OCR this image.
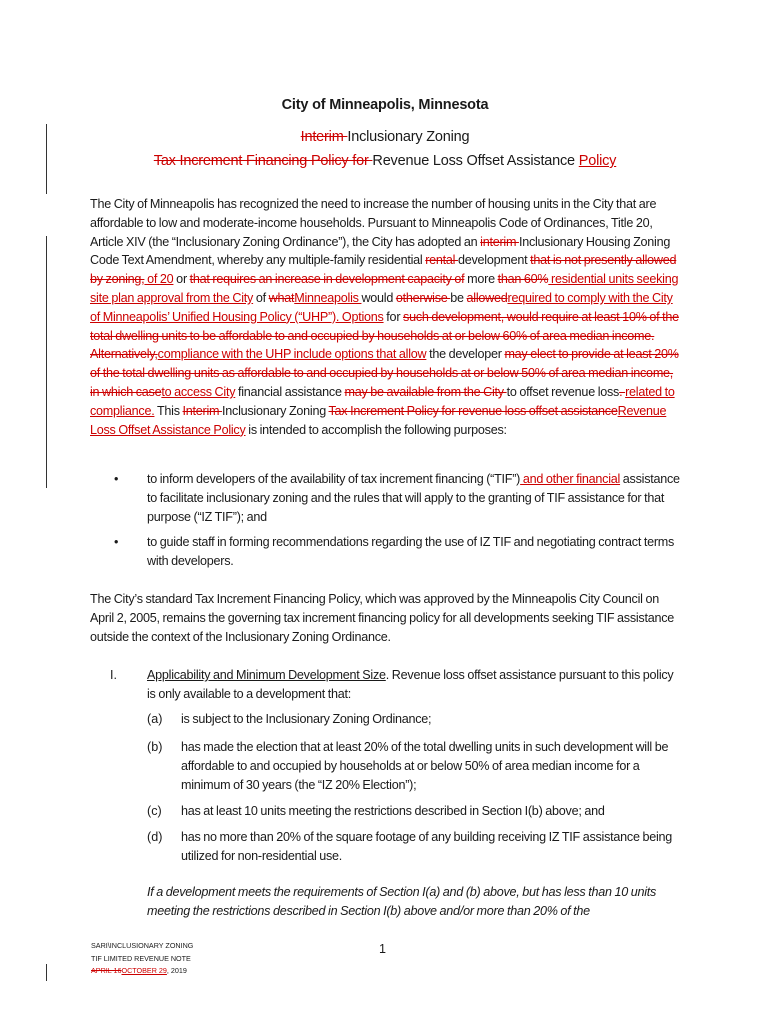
City of Minneapolis, Minnesota
Interim Inclusionary Zoning
Tax Increment Financing Policy for Revenue Loss Offset Assistance Policy
The City of Minneapolis has recognized the need to increase the number of housing units in the City that are affordable to low and moderate-income households. Pursuant to Minneapolis Code of Ordinances, Title 20, Article XIV (the “Inclusionary Zoning Ordinance”), the City has adopted an interim Inclusionary Housing Zoning Code Text Amendment, whereby any multiple-family residential rental development that is not presently allowed by zoning, of 20 or that requires an increase in development capacity of more than 60% residential units seeking site plan approval from the City of whatMinneapolis would otherwise be allowedrequired to comply with the City of Minneapolis’ Unified Housing Policy (“UHP”). Options for such development, would require at least 10% of the total dwelling units to be affordable to and occupied by households at or below 60% of area median income. Alternatively,compliance with the UHP include options that allow the developer may elect to provide at least 20% of the total dwelling units as affordable to and occupied by households at or below 50% of area median income, in which caseto access City financial assistance may be available from the City to offset revenue loss. related to compliance. This Interim Inclusionary Zoning Tax Increment Policy for revenue loss offset assistanceRevenue Loss Offset Assistance Policy is intended to accomplish the following purposes:
•	to inform developers of the availability of tax increment financing (“TIF”) and other financial assistance to facilitate inclusionary zoning and the rules that will apply to the granting of TIF assistance for that purpose (“IZ TIF”); and
•	to guide staff in forming recommendations regarding the use of IZ TIF and negotiating contract terms with developers.
The City’s standard Tax Increment Financing Policy, which was approved by the Minneapolis City Council on April 2, 2005, remains the governing tax increment financing policy for all developments seeking TIF assistance outside the context of the Inclusionary Zoning Ordinance.
I. Applicability and Minimum Development Size. Revenue loss offset assistance pursuant to this policy is only available to a development that:
(a) is subject to the Inclusionary Zoning Ordinance;
(b) has made the election that at least 20% of the total dwelling units in such development will be affordable to and occupied by households at or below 50% of area median income for a minimum of 30 years (the “IZ 20% Election”);
(c) has at least 10 units meeting the restrictions described in Section I(b) above; and
(d) has no more than 20% of the square footage of any building receiving IZ TIF assistance being utilized for non-residential use.
If a development meets the requirements of Section I(a) and (b) above, but has less than 10 units meeting the restrictions described in Section I(b) above and/or more than 20% of the
SARI\INCLUSIONARY ZONING
TIF LIMITED REVENUE NOTE
APRIL 16OCTOBER 29, 2019
1
